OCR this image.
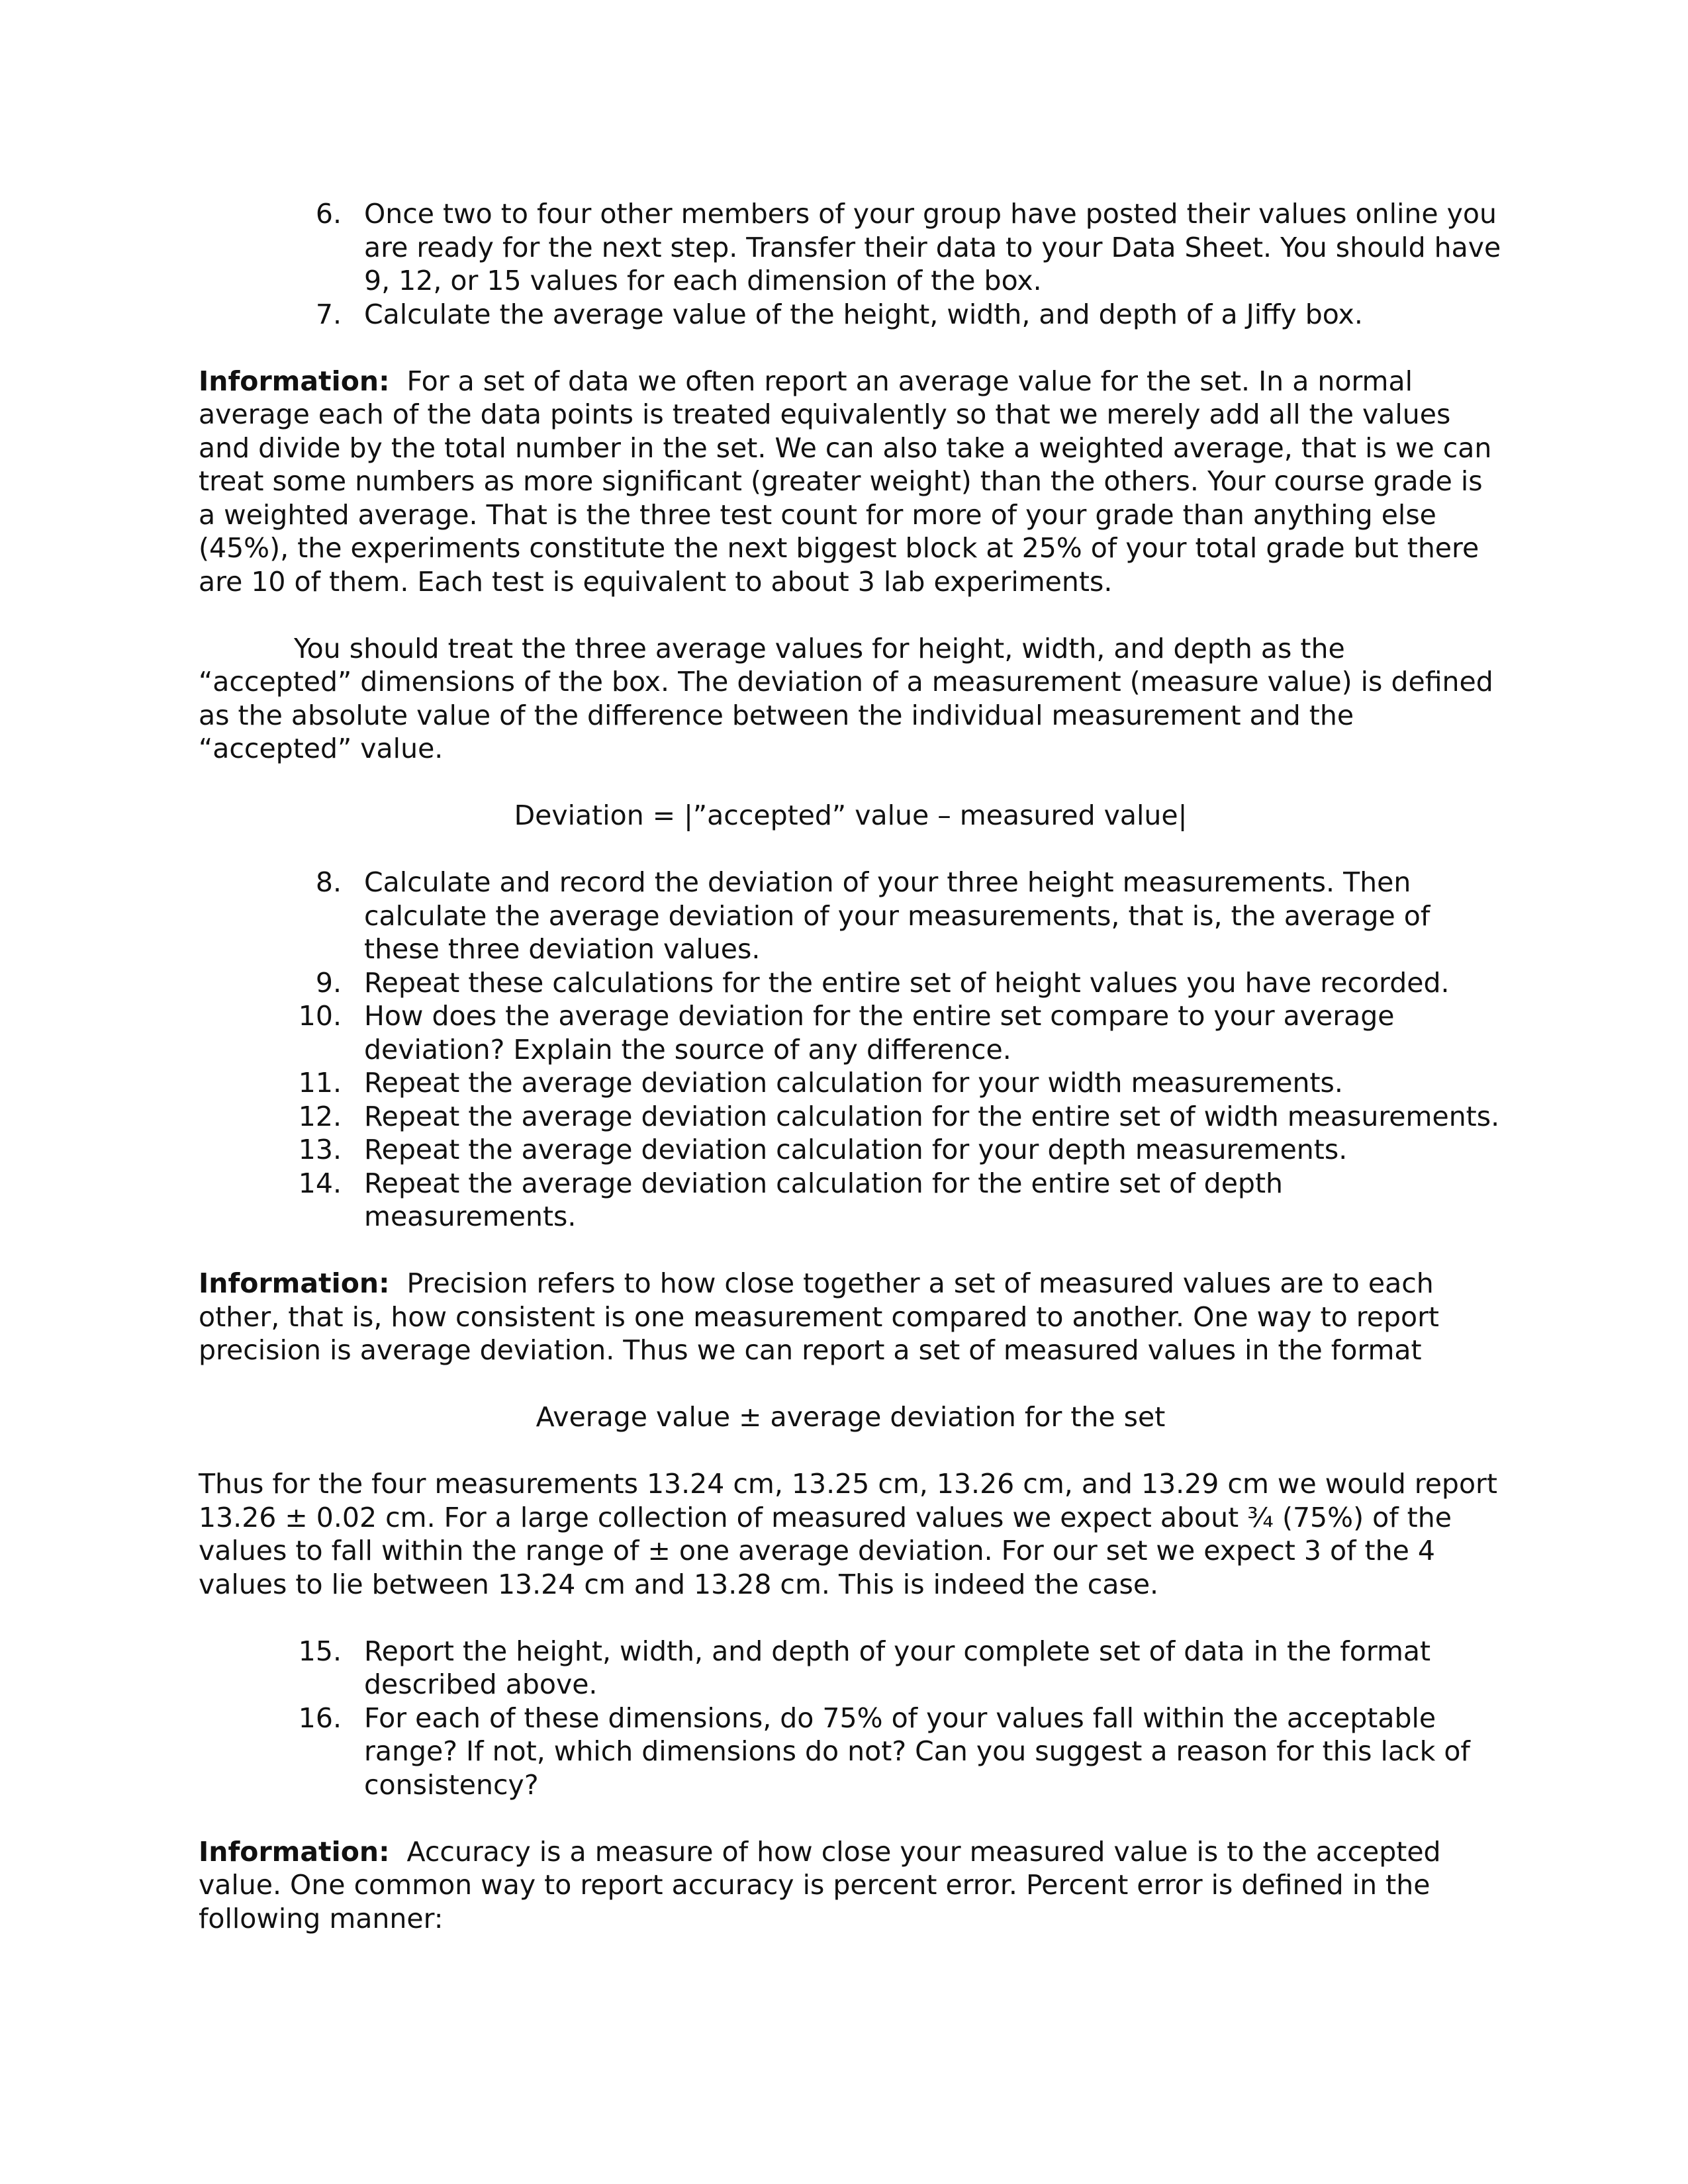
6. Once two to four other members of your group have posted their values online you are ready for the next step. Transfer their data to your Data Sheet. You should have 9, 12, or 15 values for each dimension of the box.
7. Calculate the average value of the height, width, and depth of a Jiffy box.

Information: For a set of data we often report an average value for the set. In a normal average each of the data points is treated equivalently so that we merely add all the values and divide by the total number in the set. We can also take a weighted average, that is we can treat some numbers as more significant (greater weight) than the others. Your course grade is a weighted average. That is the three test count for more of your grade than anything else (45%), the experiments constitute the next biggest block at 25% of your total grade but there are 10 of them. Each test is equivalent to about 3 lab experiments.

You should treat the three average values for height, width, and depth as the “accepted” dimensions of the box. The deviation of a measurement (measure value) is defined as the absolute value of the difference between the individual measurement and the “accepted” value.

Deviation = |”accepted” value – measured value|

8. Calculate and record the deviation of your three height measurements. Then calculate the average deviation of your measurements, that is, the average of these three deviation values.
9. Repeat these calculations for the entire set of height values you have recorded.
10. How does the average deviation for the entire set compare to your average deviation? Explain the source of any difference.
11. Repeat the average deviation calculation for your width measurements.
12. Repeat the average deviation calculation for the entire set of width measurements.
13. Repeat the average deviation calculation for your depth measurements.
14. Repeat the average deviation calculation for the entire set of depth measurements.

Information: Precision refers to how close together a set of measured values are to each other, that is, how consistent is one measurement compared to another. One way to report precision is average deviation. Thus we can report a set of measured values in the format

Average value ± average deviation for the set

Thus for the four measurements 13.24 cm, 13.25 cm, 13.26 cm, and 13.29 cm we would report 13.26 ± 0.02 cm. For a large collection of measured values we expect about ¾ (75%) of the values to fall within the range of ± one average deviation. For our set we expect 3 of the 4 values to lie between 13.24 cm and 13.28 cm. This is indeed the case.

15. Report the height, width, and depth of your complete set of data in the format described above.
16. For each of these dimensions, do 75% of your values fall within the acceptable range? If not, which dimensions do not? Can you suggest a reason for this lack of consistency?

Information: Accuracy is a measure of how close your measured value is to the accepted value. One common way to report accuracy is percent error. Percent error is defined in the following manner:
